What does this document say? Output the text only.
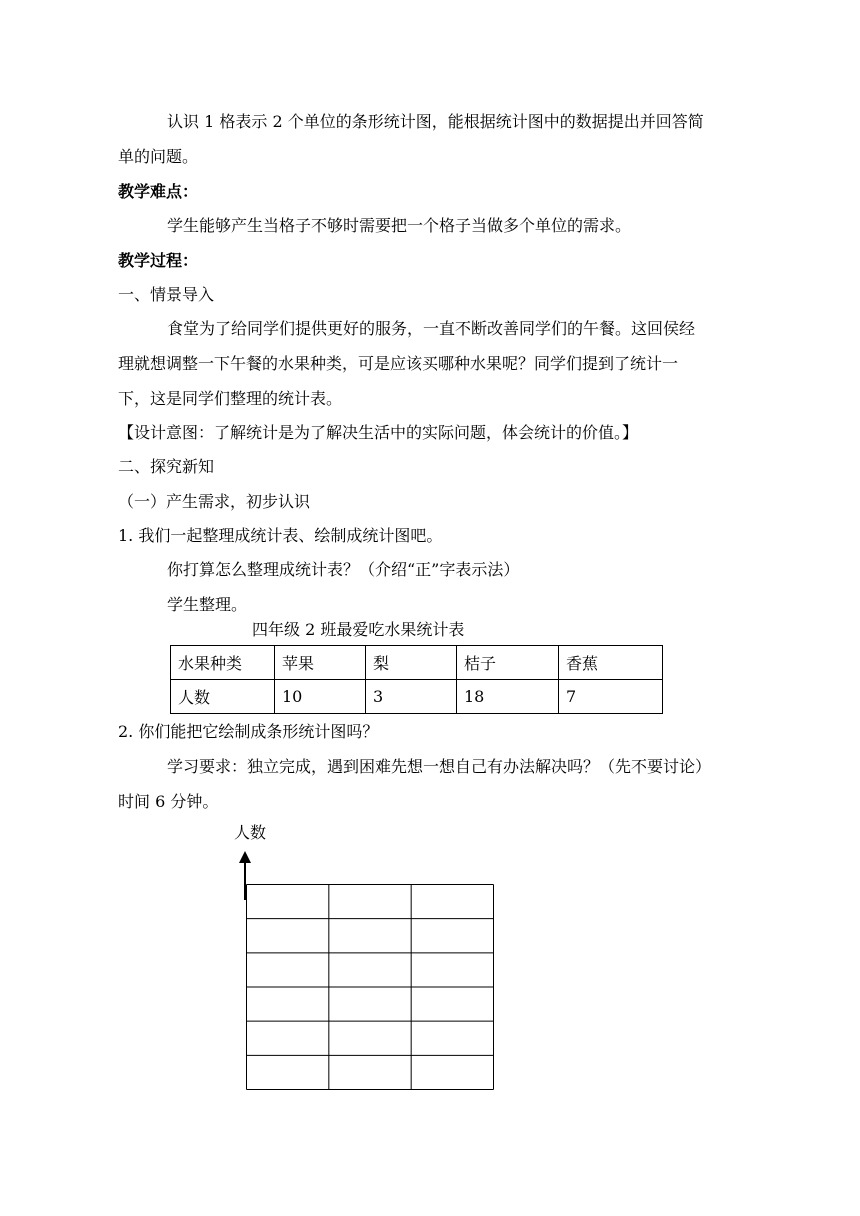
认识 1 格表示 2 个单位的条形统计图，能根据统计图中的数据提出并回答简
单的问题。
教学难点：
学生能够产生当格子不够时需要把一个格子当做多个单位的需求。
教学过程：
一、情景导入
食堂为了给同学们提供更好的服务，一直不断改善同学们的午餐。这回侯经
理就想调整一下午餐的水果种类，可是应该买哪种水果呢？同学们提到了统计一
下，这是同学们整理的统计表。
【设计意图：了解统计是为了解决生活中的实际问题，体会统计的价值。】
二、探究新知
（一）产生需求，初步认识
1. 我们一起整理成统计表、绘制成统计图吧。
你打算怎么整理成统计表？（介绍“正”字表示法）
学生整理。
四年级 2 班最爱吃水果统计表
水果种类	苹果	梨	桔子	香蕉
人数	10	3	18	7
2. 你们能把它绘制成条形统计图吗？
学习要求：独立完成，遇到困难先想一想自己有办法解决吗？（先不要讨论）
时间 6 分钟。
人数
